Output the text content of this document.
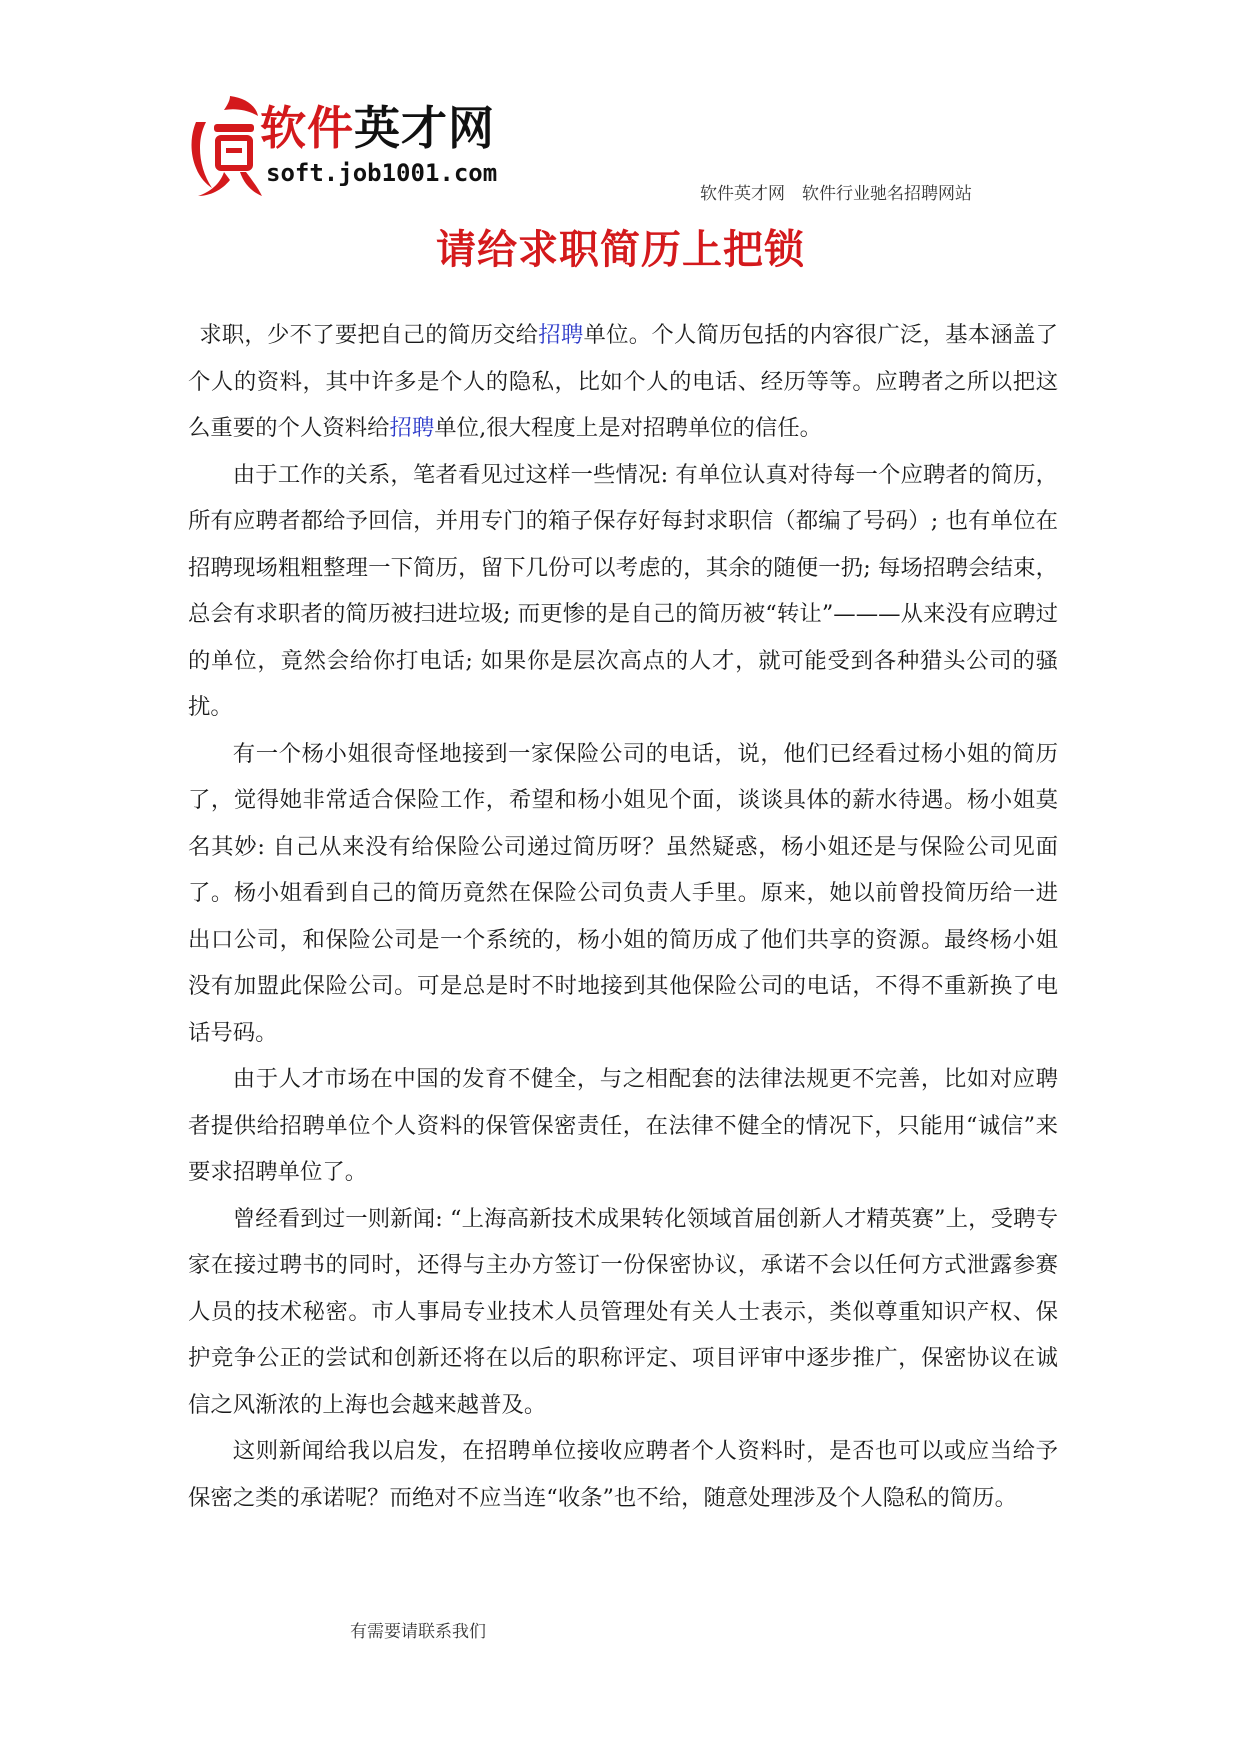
软件英才网
soft.job1001.com
软件英才网　软件行业驰名招聘网站
请给求职简历上把锁

求职，少不了要把自己的简历交给招聘单位。个人简历包括的内容很广泛，基本涵盖了个人的资料，其中许多是个人的隐私，比如个人的电话、经历等等。应聘者之所以把这么重要的个人资料给招聘单位,很大程度上是对招聘单位的信任。

由于工作的关系，笔者看见过这样一些情况: 有单位认真对待每一个应聘者的简历，所有应聘者都给予回信，并用专门的箱子保存好每封求职信（都编了号码）; 也有单位在招聘现场粗粗整理一下简历，留下几份可以考虑的，其余的随便一扔; 每场招聘会结束，总会有求职者的简历被扫进垃圾; 而更惨的是自己的简历被“转让”———从来没有应聘过的单位，竟然会给你打电话; 如果你是层次高点的人才，就可能受到各种猎头公司的骚扰。

有一个杨小姐很奇怪地接到一家保险公司的电话，说，他们已经看过杨小姐的简历了，觉得她非常适合保险工作，希望和杨小姐见个面，谈谈具体的薪水待遇。杨小姐莫名其妙: 自己从来没有给保险公司递过简历呀？虽然疑惑，杨小姐还是与保险公司见面了。杨小姐看到自己的简历竟然在保险公司负责人手里。原来，她以前曾投简历给一进出口公司，和保险公司是一个系统的，杨小姐的简历成了他们共享的资源。最终杨小姐没有加盟此保险公司。可是总是时不时地接到其他保险公司的电话，不得不重新换了电话号码。

由于人才市场在中国的发育不健全，与之相配套的法律法规更不完善，比如对应聘者提供给招聘单位个人资料的保管保密责任，在法律不健全的情况下，只能用“诚信”来要求招聘单位了。

曾经看到过一则新闻: “上海高新技术成果转化领域首届创新人才精英赛”上，受聘专家在接过聘书的同时，还得与主办方签订一份保密协议，承诺不会以任何方式泄露参赛人员的技术秘密。市人事局专业技术人员管理处有关人士表示，类似尊重知识产权、保护竞争公正的尝试和创新还将在以后的职称评定、项目评审中逐步推广，保密协议在诚信之风渐浓的上海也会越来越普及。

这则新闻给我以启发，在招聘单位接收应聘者个人资料时，是否也可以或应当给予保密之类的承诺呢？而绝对不应当连“收条”也不给，随意处理涉及个人隐私的简历。

有需要请联系我们
